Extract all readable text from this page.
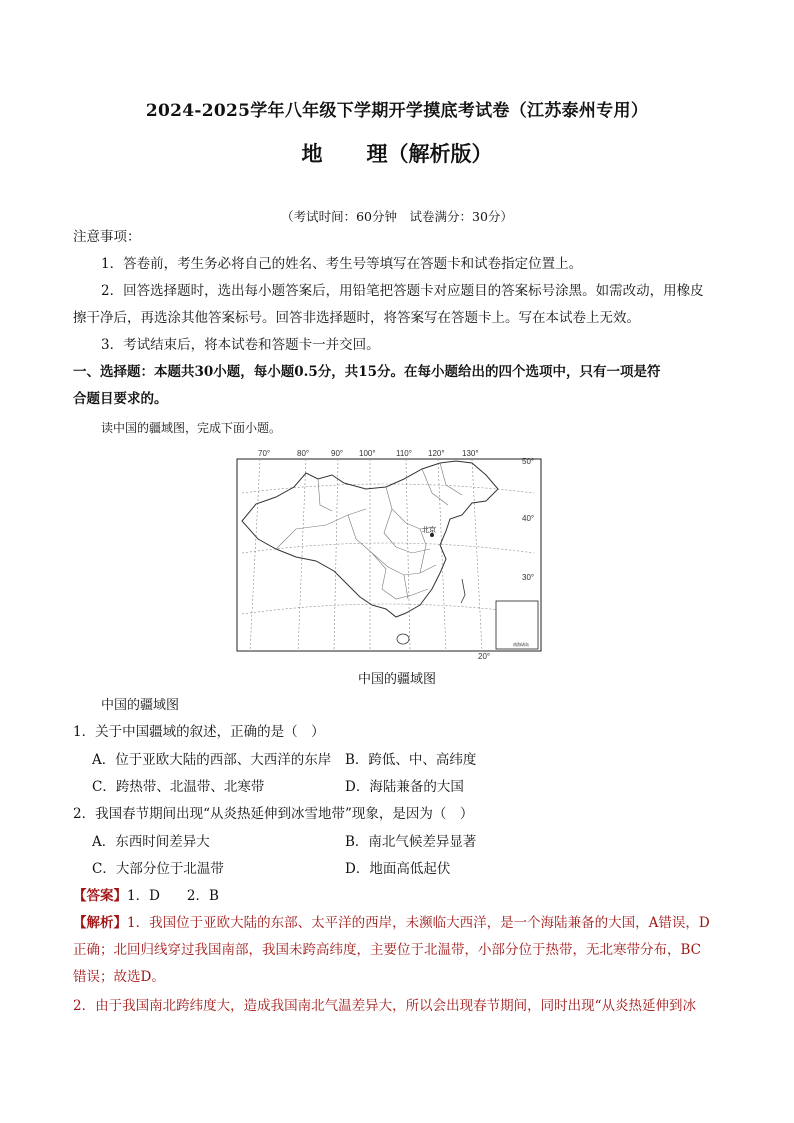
2024-2025学年八年级下学期开学摸底考试卷（江苏泰州专用）
地 理（解析版）
（考试时间：60分钟　试卷满分：30分）
注意事项：
1．答卷前，考生务必将自己的姓名、考生号等填写在答题卡和试卷指定位置上。
2．回答选择题时，选出每小题答案后，用铅笔把答题卡对应题目的答案标号涂黑。如需改动，用橡皮
擦干净后，再选涂其他答案标号。回答非选择题时，将答案写在答题卡上。写在本试卷上无效。
3．考试结束后，将本试卷和答题卡一并交回。
一、选择题：本题共30小题，每小题0.5分，共15分。在每小题给出的四个选项中，只有一项是符
合题目要求的。
读中国的疆域图，完成下面小题。
北京
南海诸岛
70°	80°	90° 100°	110° 120° 130°
50°
40°
30°
20°
中国的疆域图
中国的疆域图
1．关于中国疆域的叙述，正确的是（　）
A．位于亚欧大陆的西部、大西洋的东岸 B．跨低、中、高纬度
C．跨热带、北温带、北寒带	D．海陆兼备的大国
2．我国春节期间出现“从炎热延伸到冰雪地带”现象，是因为（　）
A．东西时间差异大	B．南北气候差异显著
C．大部分位于北温带	D．地面高低起伏
【答案】1．D　　2．B
【解析】1．我国位于亚欧大陆的东部、太平洋的西岸，未濒临大西洋，是一个海陆兼备的大国，A错误，D
正确；北回归线穿过我国南部，我国未跨高纬度，主要位于北温带，小部分位于热带，无北寒带分布，BC
错误；故选D。
2．由于我国南北跨纬度大，造成我国南北气温差异大，所以会出现春节期间，同时出现“从炎热延伸到冰
